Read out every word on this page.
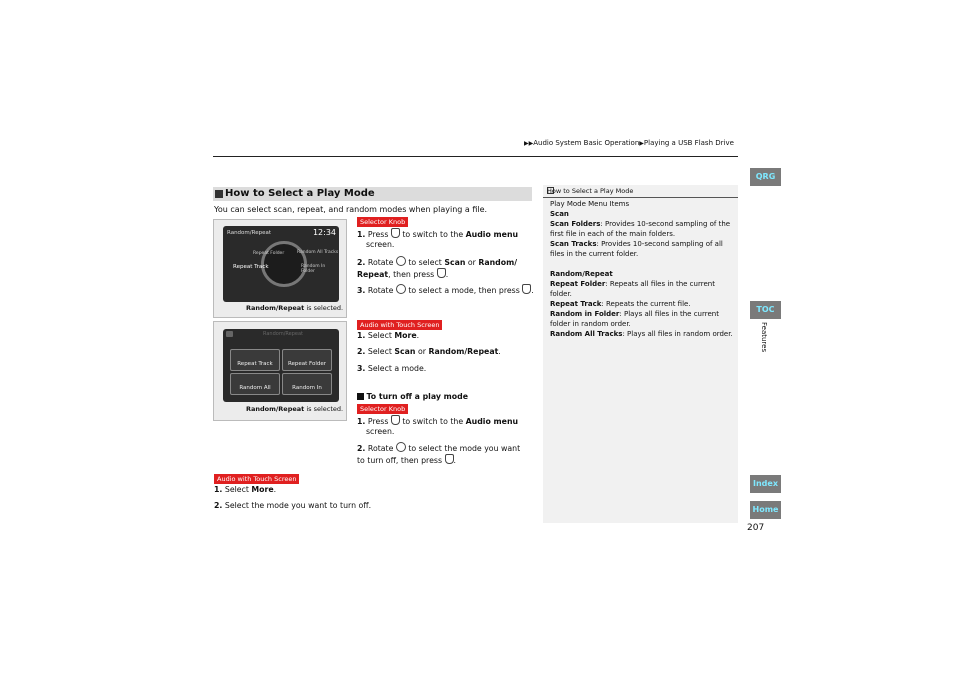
▶▶Audio System Basic Operation▶Playing a USB Flash Drive
How to Select a Play Mode
You can select scan, repeat, and random modes when playing a file.
Random/Repeat	12:34
Repeat Folder	Random All Tracks
Repeat Track	Random In Folder
Random/Repeat is selected.
Selector Knob
1. Press to switch to the Audio menu
screen.
2. Rotate to select Scan or Random/ Repeat, then press .
3. Rotate to select a mode, then press .
Random/Repeat
Repeat Track	Repeat Folder
Random All Tracks
Random In Folder
Random/Repeat is selected.
Audio with Touch Screen
1. Select More.
2. Select Scan or Random/Repeat.
3. Select a mode.
To turn off a play mode
Selector Knob
1. Press to switch to the Audio menu
screen.
2. Rotate to select the mode you want to turn off, then press .
Audio with Touch Screen
1. Select More.
2. Select the mode you want to turn off.
How to Select a Play Mode
Play Mode Menu Items
Scan
Scan Folders: Provides 10-second sampling of the first file in each of the main folders.
Scan Tracks: Provides 10-second sampling of all files in the current folder.
Random/Repeat
Repeat Folder: Repeats all files in the current folder.
Repeat Track: Repeats the current file.
Random in Folder: Plays all files in the current folder in random order.
Random All Tracks: Plays all files in random order.
QRG
TOC
Features
Index
Home
207
